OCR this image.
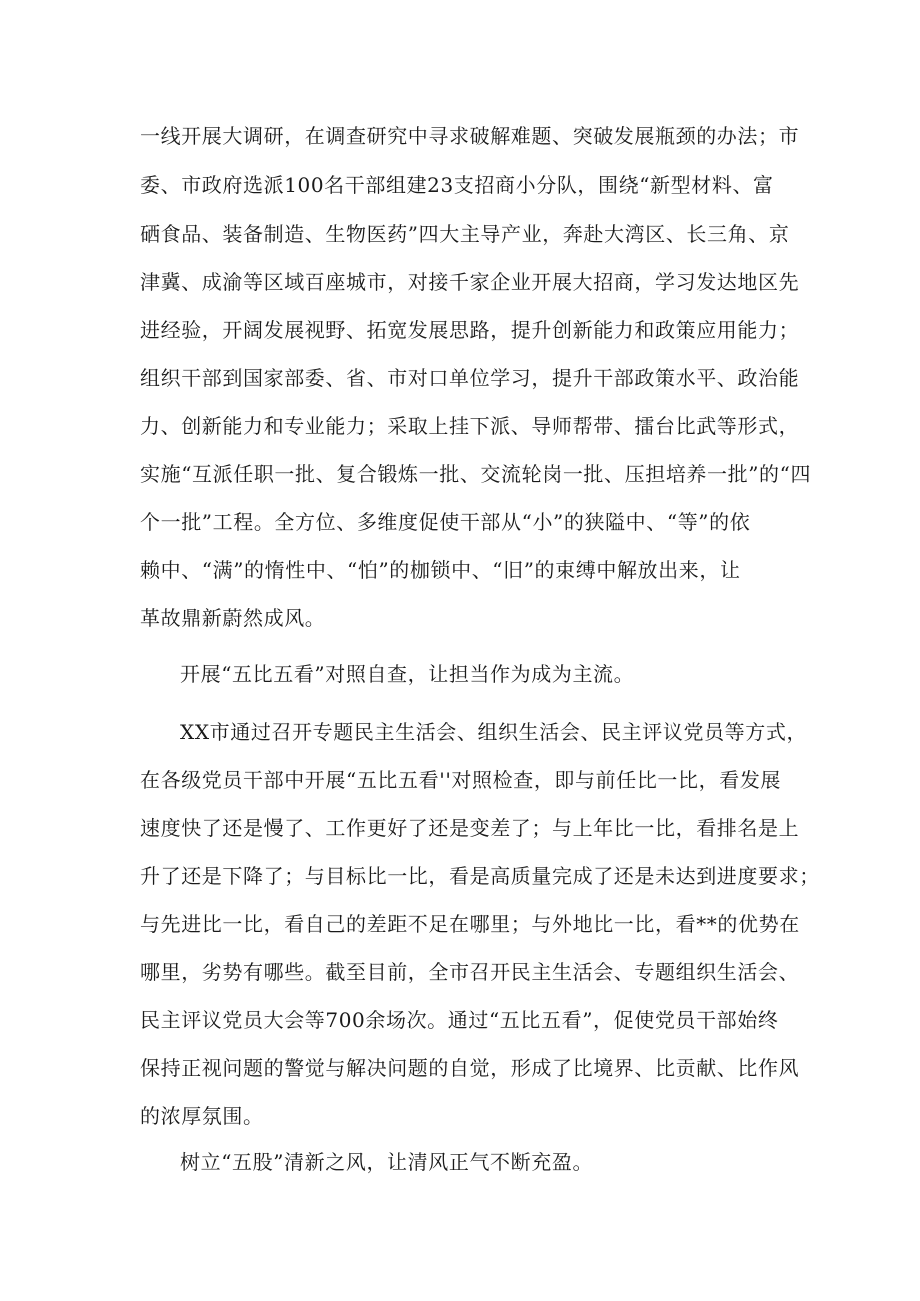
一线开展大调研，在调查研究中寻求破解难题、突破发展瓶颈的办法；市
委、市政府选派100名干部组建23支招商小分队，围绕“新型材料、富
硒食品、装备制造、生物医药”四大主导产业，奔赴大湾区、长三角、京
津冀、成渝等区域百座城市，对接千家企业开展大招商，学习发达地区先
进经验，开阔发展视野、拓宽发展思路，提升创新能力和政策应用能力；
组织干部到国家部委、省、市对口单位学习，提升干部政策水平、政治能
力、创新能力和专业能力；采取上挂下派、导师帮带、擂台比武等形式，
实施“互派任职一批、复合锻炼一批、交流轮岗一批、压担培养一批”的“四
个一批”工程。全方位、多维度促使干部从“小”的狭隘中、“等”的依
赖中、“满”的惰性中、“怕”的枷锁中、“旧”的束缚中解放出来，让
革故鼎新蔚然成风。
开展“五比五看”对照自查，让担当作为成为主流。
XX市通过召开专题民主生活会、组织生活会、民主评议党员等方式，
在各级党员干部中开展“五比五看''对照检查，即与前任比一比，看发展
速度快了还是慢了、工作更好了还是变差了；与上年比一比，看排名是上
升了还是下降了；与目标比一比，看是高质量完成了还是未达到进度要求；
与先进比一比，看自己的差距不足在哪里；与外地比一比，看**的优势在
哪里，劣势有哪些。截至目前，全市召开民主生活会、专题组织生活会、
民主评议党员大会等700余场次。通过“五比五看”，促使党员干部始终
保持正视问题的警觉与解决问题的自觉，形成了比境界、比贡献、比作风
的浓厚氛围。
树立“五股”清新之风，让清风正气不断充盈。
